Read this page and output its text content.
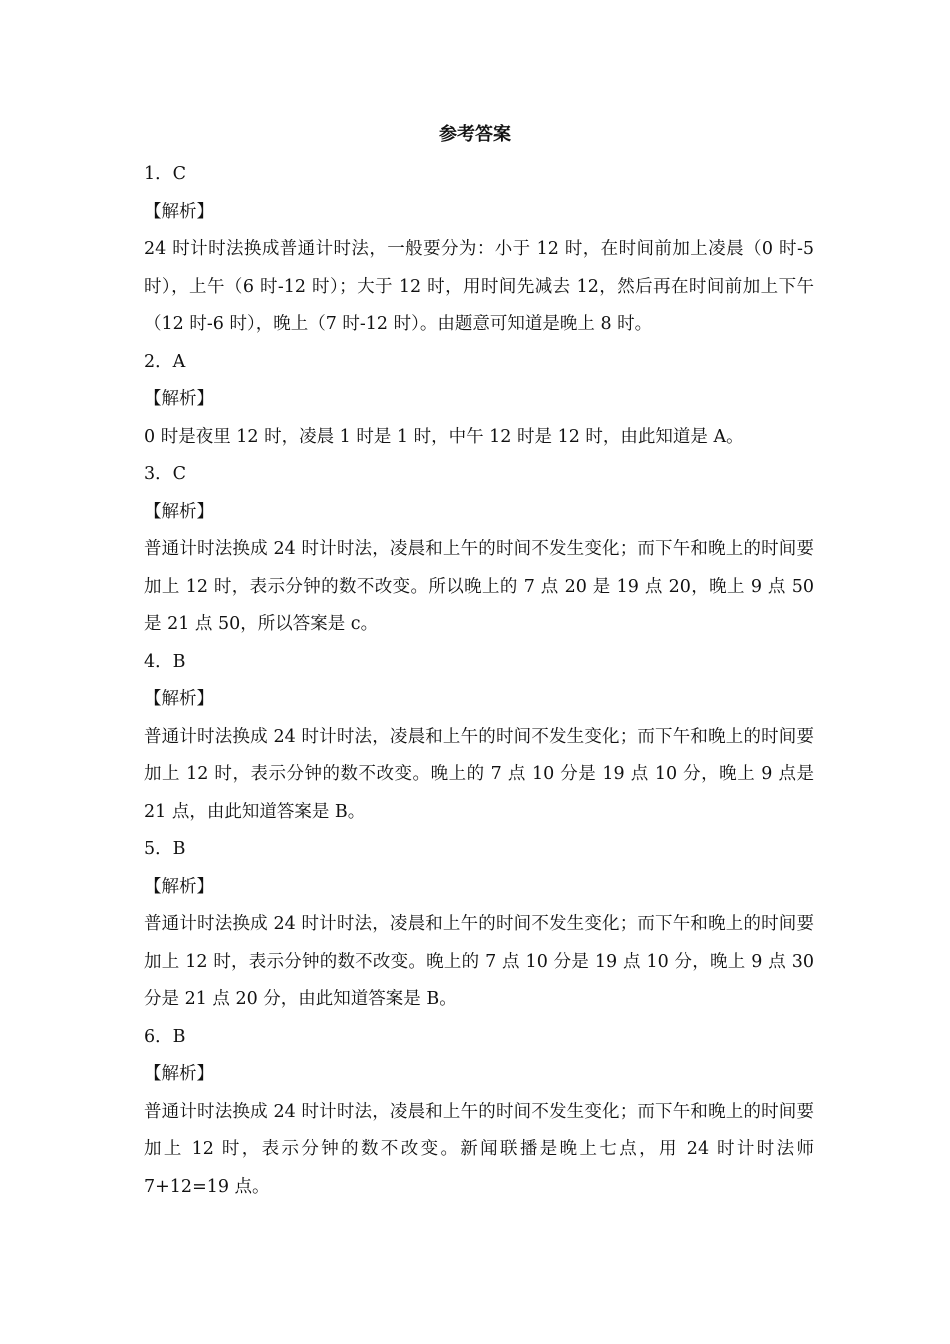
参考答案
1．C
【解析】
24 时计时法换成普通计时法，一般要分为：小于 12 时，在时间前加上凌晨（0 时-5 时），上午（6 时-12 时）；大于 12 时，用时间先减去 12，然后再在时间前加上下午（12 时-6 时），晚上（7 时-12 时）。由题意可知道是晚上 8 时。
2．A
【解析】
0 时是夜里 12 时，凌晨 1 时是 1 时，中午 12 时是 12 时，由此知道是 A。
3．C
【解析】
普通计时法换成 24 时计时法，凌晨和上午的时间不发生变化；而下午和晚上的时间要加上 12 时，表示分钟的数不改变。所以晚上的 7 点 20 是 19 点 20，晚上 9 点 50 是 21 点 50，所以答案是 c。
4．B
【解析】
普通计时法换成 24 时计时法，凌晨和上午的时间不发生变化；而下午和晚上的时间要加上 12 时，表示分钟的数不改变。晚上的 7 点 10 分是 19 点 10 分，晚上 9 点是 21 点，由此知道答案是 B。
5．B
【解析】
普通计时法换成 24 时计时法，凌晨和上午的时间不发生变化；而下午和晚上的时间要加上 12 时，表示分钟的数不改变。晚上的 7 点 10 分是 19 点 10 分，晚上 9 点 30 分是 21 点 20 分，由此知道答案是 B。
6．B
【解析】
普通计时法换成 24 时计时法，凌晨和上午的时间不发生变化；而下午和晚上的时间要加上 12 时，表示分钟的数不改变。新闻联播是晚上七点，用 24 时计时法师 7+12=19 点。
